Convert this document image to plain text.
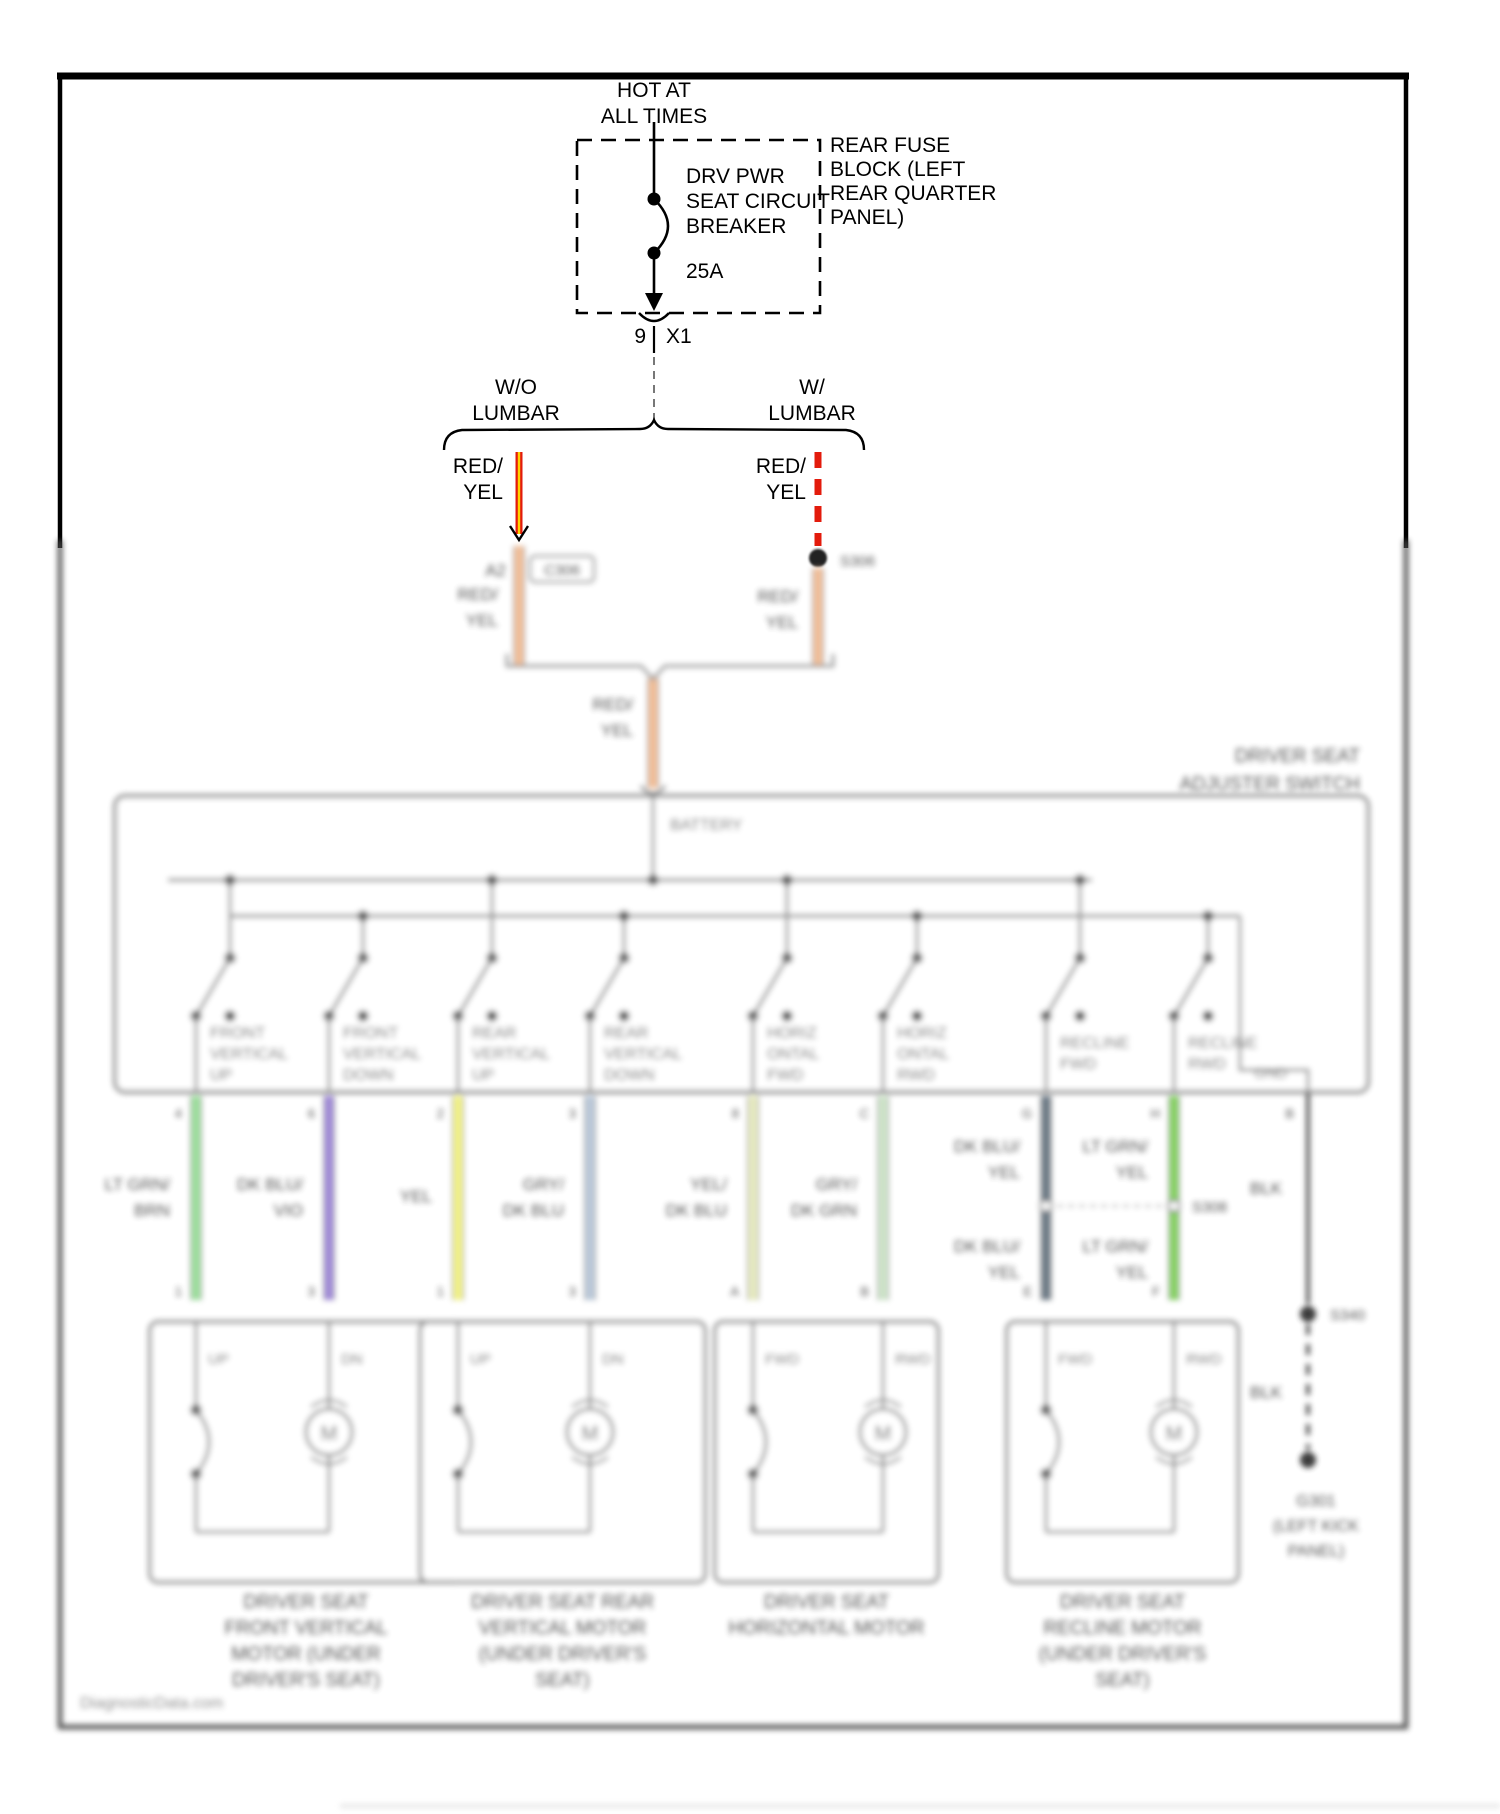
A2	C306
S306
RED/
YEL
RED/
YEL
RED/
YEL
DRIVER SEAT
ADJUSTER SWITCH
BATTERY
FRONT
VERTICAL
UP
FRONT
VERTICAL
DOWN
REAR
VERTICAL
UP
REAR
VERTICAL
DOWN
HORIZ
ONTAL
FWD
HORIZ
ONTAL
RWD
RECLINE
FWD
RECLINE
RWD
GND
4
1
LT GRN/
BRN
6
3
DK BLU/
VIO
2
1
YEL
3
3
GRY/
DK BLU
8
A
YEL/
DK BLU
C
B
GRY/
DK GRN
G
E
DK BLU/
YEL
DK BLU/
YEL
H
F
LT GRN/
YEL
LT GRN/
YEL
S308
B
BLK
S340
BLK
G301
(LEFT KICK
PANEL)
UP	DN
M
DRIVER SEAT
FRONT VERTICAL
MOTOR (UNDER
DRIVER'S SEAT)
UP	DN
M
DRIVER SEAT REAR
VERTICAL MOTOR
(UNDER DRIVER'S
SEAT)
FWD	RWD
M
DRIVER SEAT
HORIZONTAL MOTOR
FWD	RWD
M
DRIVER SEAT
RECLINE MOTOR
(UNDER DRIVER'S
SEAT)
DiagnosticData.com
HOT AT
ALL TIMES
DRV PWR
SEAT CIRCUIT
BREAKER
25A
REAR FUSE
BLOCK (LEFT
REAR QUARTER
PANEL)
9 X1
W/O
LUMBAR
W/
LUMBAR
RED/
YEL
RED/
YEL
